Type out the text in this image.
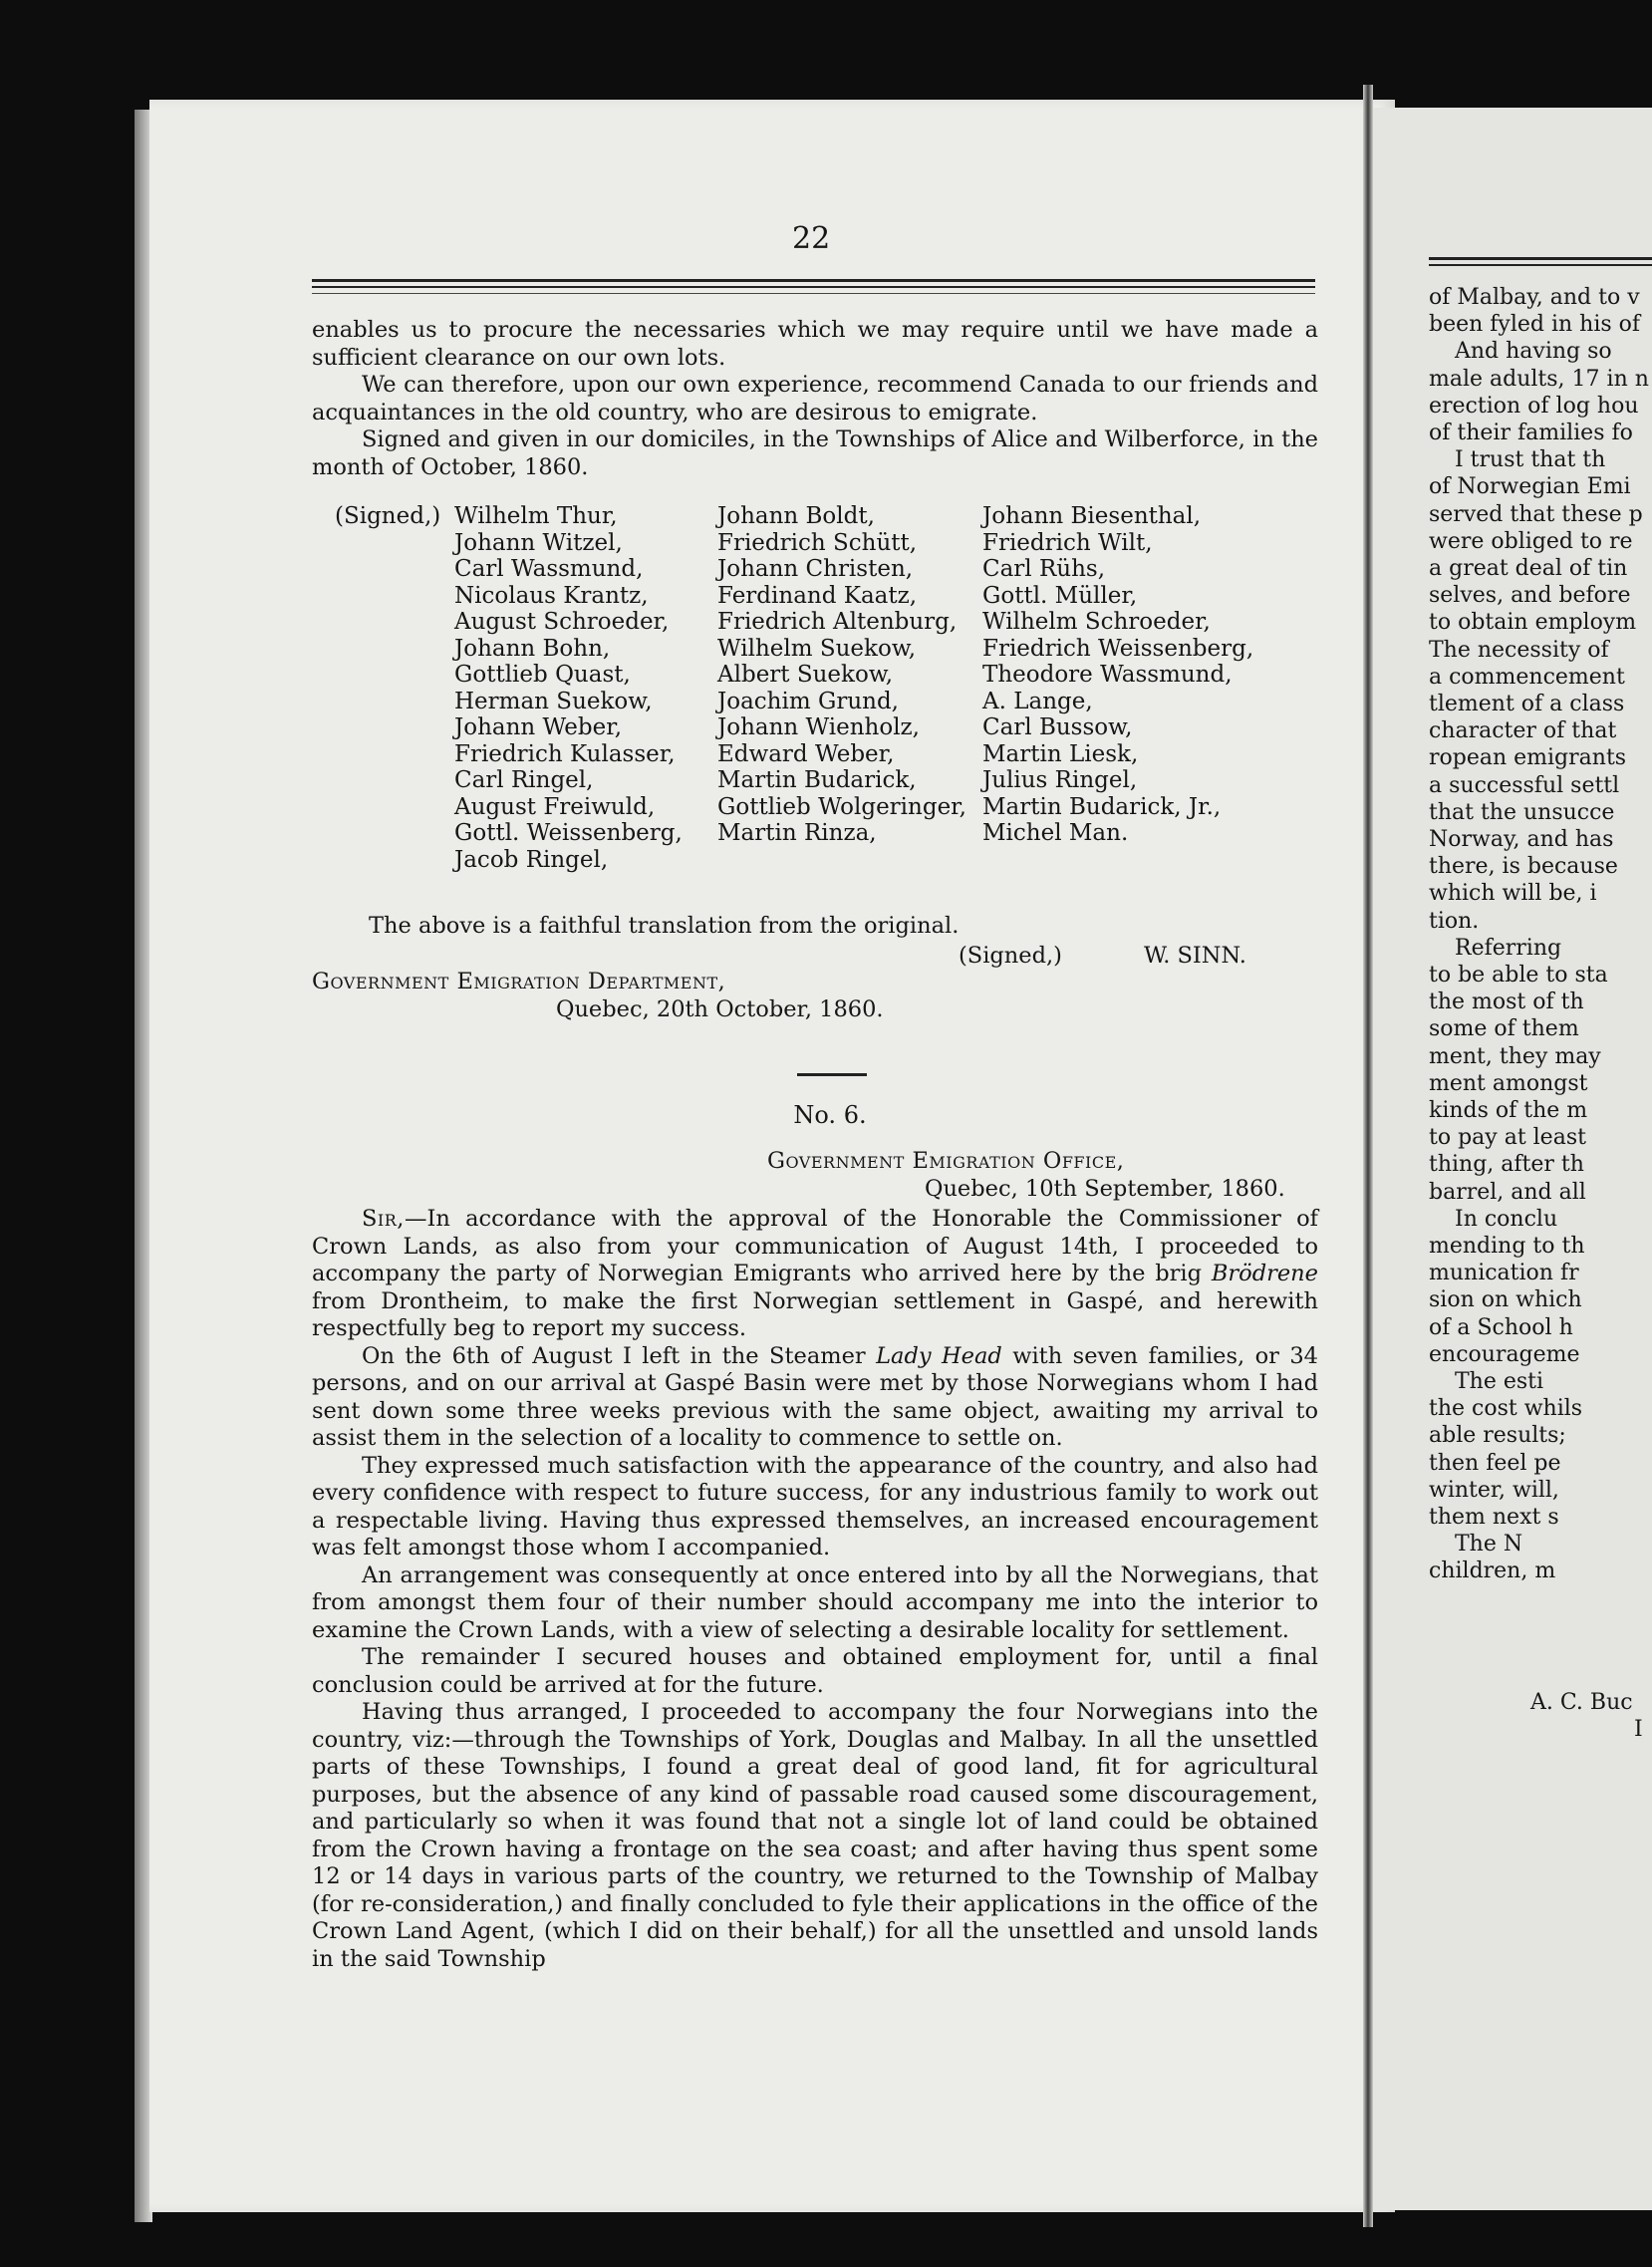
22

enables us to procure the necessaries which we may require until we have made a sufficient clearance on our own lots.

We can therefore, upon our own experience, recommend Canada to our friends and acquaintances in the old country, who are desirous to emigrate.

Signed and given in our domiciles, in the Townships of Alice and Wilberforce, in the month of October, 1860.

(Signed,) Wilhelm Thur,
Johann Witzel,
Carl Wassmund,
Nicolaus Krantz,
August Schroeder,
Johann Bohn,
Gottlieb Quast,
Herman Suekow,
Johann Weber,
Friedrich Kulasser,
Carl Ringel,
August Freiwuld,
Gottl. Weissenberg,
Jacob Ringel,
Johann Boldt,
Friedrich Schütt,
Johann Christen,
Ferdinand Kaatz,
Friedrich Altenburg,
Wilhelm Suekow,
Albert Suekow,
Joachim Grund,
Johann Wienholz,
Edward Weber,
Martin Budarick,
Gottlieb Wolgeringer,
Martin Rinza,
Johann Biesenthal,
Friedrich Wilt,
Carl Rühs,
Gottl. Müller,
Wilhelm Schroeder,
Friedrich Weissenberg,
Theodore Wassmund,
A. Lange,
Carl Bussow,
Martin Liesk,
Julius Ringel,
Martin Budarick, Jr.,
Michel Man.
The above is a faithful translation from the original.
(Signed,)	W. SINN.
Government Emigration Department,
Quebec, 20th October, 1860.
No. 6.
Government Emigration Office,
Quebec, 10th September, 1860.

Sir,—In accordance with the approval of the Honorable the Commissioner of Crown Lands, as also from your communication of August 14th, I proceeded to accompany the party of Norwegian Emigrants who arrived here by the brig Brödrene from Drontheim, to make the first Norwegian settlement in Gaspé, and herewith respectfully beg to report my success.

On the 6th of August I left in the Steamer Lady Head with seven families, or 34 persons, and on our arrival at Gaspé Basin were met by those Norwegians whom I had sent down some three weeks previous with the same object, awaiting my arrival to assist them in the selection of a locality to commence to settle on.

They expressed much satisfaction with the appearance of the country, and also had every confidence with respect to future success, for any industrious family to work out a respectable living. Having thus expressed themselves, an increased encouragement was felt amongst those whom I accompanied.

An arrangement was consequently at once entered into by all the Norwegians, that from amongst them four of their number should accompany me into the interior to examine the Crown Lands, with a view of selecting a desirable locality for settlement.

The remainder I secured houses and obtained employment for, until a final conclusion could be arrived at for the future.

Having thus arranged, I proceeded to accompany the four Norwegians into the country, viz:—through the Townships of York, Douglas and Malbay. In all the unsettled parts of these Townships, I found a great deal of good land, fit for agricultural purposes, but the absence of any kind of passable road caused some discouragement, and particularly so when it was found that not a single lot of land could be obtained from the Crown having a frontage on the sea coast; and after having thus spent some 12 or 14 days in various parts of the country, we returned to the Township of Malbay (for re-consideration,) and finally concluded to fyle their applications in the office of the Crown Land Agent, (which I did on their behalf,) for all the unsettled and unsold lands in the said Township

of Malbay, and to v
been fyled in his of
And having so
male adults, 17 in n
erection of log hou
of their families fo
I trust that th
of Norwegian Emi
served that these p
were obliged to re
a great deal of tin
selves, and before
to obtain employm
The necessity of
a commencement
tlement of a class
character of that
ropean emigrants
a successful settl
that the unsucce
Norway, and has
there, is because
which will be, i
tion.
Referring
to be able to sta
the most of th
some of them
ment, they may
ment amongst
kinds of the m
to pay at least
thing, after th
barrel, and all
In conclu
mending to th
munication fr
sion on which
of a School h
encourageme
The esti
the cost whils
able results;
then feel pe
winter, will,
them next s
The N
children, m
A. C. Buc
I
